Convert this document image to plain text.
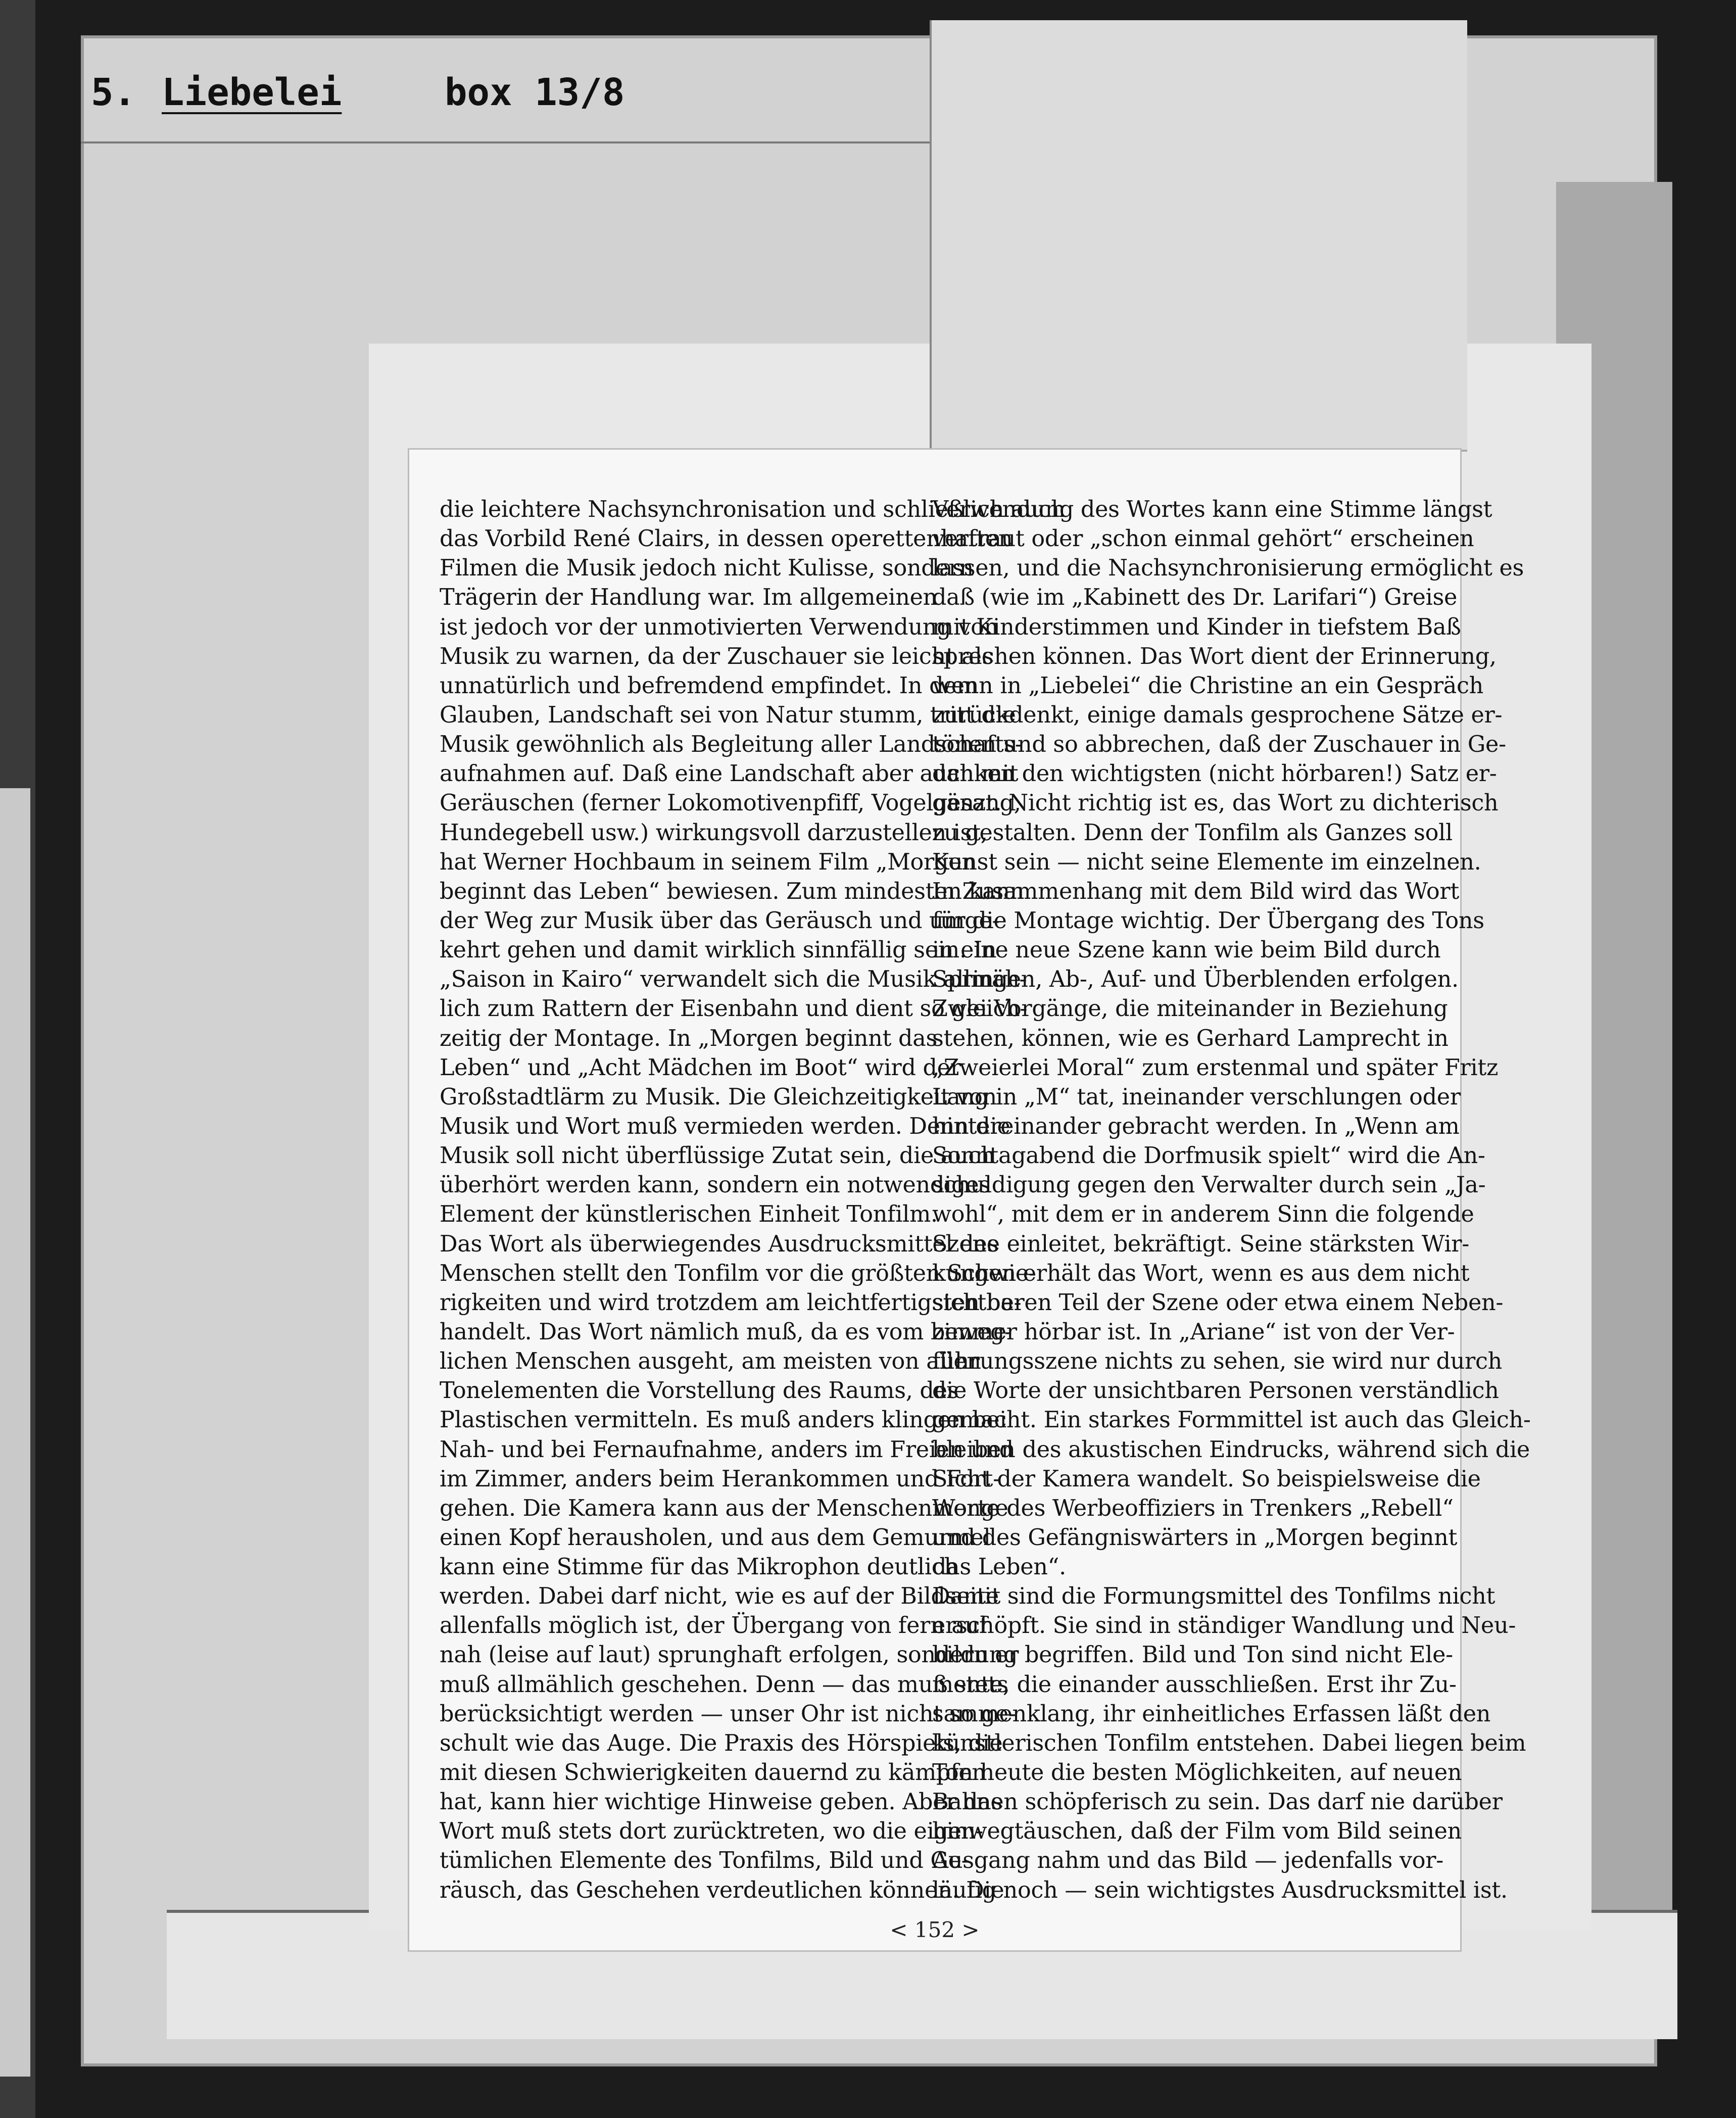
5. Liebelei	box 13/8
die leichtere Nachsynchronisation und schließlich auch
das Vorbild René Clairs, in dessen operettenhaften
Filmen die Musik jedoch nicht Kulisse, sondern
Trägerin der Handlung war. Im allgemeinen
ist jedoch vor der unmotivierten Verwendung von
Musik zu warnen, da der Zuschauer sie leicht als
unnatürlich und befremdend empfindet. In dem
Glauben, Landschaft sei von Natur stumm, tritt die
Musik gewöhnlich als Begleitung aller Landschafts-
aufnahmen auf. Daß eine Landschaft aber auch mit
Geräuschen (ferner Lokomotivenpfiff, Vogelgesang,
Hundegebell usw.) wirkungsvoll darzustellen ist,
hat Werner Hochbaum in seinem Film „Morgen
beginnt das Leben“ bewiesen. Zum mindesten kann
der Weg zur Musik über das Geräusch und umge-
kehrt gehen und damit wirklich sinnfällig sein. In
„Saison in Kairo“ verwandelt sich die Musik allmäh-
lich zum Rattern der Eisenbahn und dient so gleich-
zeitig der Montage. In „Morgen beginnt das
Leben“ und „Acht Mädchen im Boot“ wird der
Großstadtlärm zu Musik. Die Gleichzeitigkeit von
Musik und Wort muß vermieden werden. Denn die
Musik soll nicht überflüssige Zutat sein, die auch
überhört werden kann, sondern ein notwendiges
Element der künstlerischen Einheit Tonfilm.
Das Wort als überwiegendes Ausdrucksmittel des
Menschen stellt den Tonfilm vor die größten Schwie-
rigkeiten und wird trotzdem am leichtfertigsten be-
handelt. Das Wort nämlich muß, da es vom beweg-
lichen Menschen ausgeht, am meisten von allen
Tonelementen die Vorstellung des Raums, des
Plastischen vermitteln. Es muß anders klingen bei
Nah- und bei Fernaufnahme, anders im Freien und
im Zimmer, anders beim Herankommen und Fort-
gehen. Die Kamera kann aus der Menschenmenge
einen Kopf herausholen, und aus dem Gemurmel
kann eine Stimme für das Mikrophon deutlich
werden. Dabei darf nicht, wie es auf der Bildseite
allenfalls möglich ist, der Übergang von fern auf
nah (leise auf laut) sprunghaft erfolgen, sondern er
muß allmählich geschehen. Denn — das muß stets
berücksichtigt werden — unser Ohr ist nicht so ge-
schult wie das Auge. Die Praxis des Hörspiels, die
mit diesen Schwierigkeiten dauernd zu kämpfen
hat, kann hier wichtige Hinweise geben. Aber das
Wort muß stets dort zurücktreten, wo die eigen-
tümlichen Elemente des Tonfilms, Bild und Ge-
räusch, das Geschehen verdeutlichen können. Die
Verwendung des Wortes kann eine Stimme längst
vertraut oder „schon einmal gehört“ erscheinen
lassen, und die Nachsynchronisierung ermöglicht es
daß (wie im „Kabinett des Dr. Larifari“) Greise
mit Kinderstimmen und Kinder in tiefstem Baß
sprechen können. Das Wort dient der Erinnerung,
wenn in „Liebelei“ die Christine an ein Gespräch
zurückdenkt, einige damals gesprochene Sätze er-
tönen und so abbrechen, daß der Zuschauer in Ge-
danken den wichtigsten (nicht hörbaren!) Satz er-
gänzt. Nicht richtig ist es, das Wort zu dichterisch
zu gestalten. Denn der Tonfilm als Ganzes soll
Kunst sein — nicht seine Elemente im einzelnen.
In Zusammenhang mit dem Bild wird das Wort
für die Montage wichtig. Der Übergang des Tons
in eine neue Szene kann wie beim Bild durch
Springen, Ab-, Auf- und Überblenden erfolgen.
Zwei Vorgänge, die miteinander in Beziehung
stehen, können, wie es Gerhard Lamprecht in
„Zweierlei Moral“ zum erstenmal und später Fritz
Lang in „M“ tat, ineinander verschlungen oder
hintereinander gebracht werden. In „Wenn am
Sonntagabend die Dorfmusik spielt“ wird die An-
schuldigung gegen den Verwalter durch sein „Ja-
wohl“, mit dem er in anderem Sinn die folgende
Szene einleitet, bekräftigt. Seine stärksten Wir-
kungen erhält das Wort, wenn es aus dem nicht
sichtbaren Teil der Szene oder etwa einem Neben-
zimmer hörbar ist. In „Ariane“ ist von der Ver-
führungsszene nichts zu sehen, sie wird nur durch
die Worte der unsichtbaren Personen verständlich
gemacht. Ein starkes Formmittel ist auch das Gleich-
bleiben des akustischen Eindrucks, während sich die
Sicht der Kamera wandelt. So beispielsweise die
Worte des Werbeoffiziers in Trenkers „Rebell“
und des Gefängniswärters in „Morgen beginnt
das Leben“.
Damit sind die Formungsmittel des Tonfilms nicht
erschöpft. Sie sind in ständiger Wandlung und Neu-
bildung begriffen. Bild und Ton sind nicht Ele-
mente, die einander ausschließen. Erst ihr Zu-
sammenklang, ihr einheitliches Erfassen läßt den
künstlerischen Tonfilm entstehen. Dabei liegen beim
Ton heute die besten Möglichkeiten, auf neuen
Bahnen schöpferisch zu sein. Das darf nie darüber
hinwegtäuschen, daß der Film vom Bild seinen
Ausgang nahm und das Bild — jedenfalls vor-
läufig noch — sein wichtigstes Ausdrucksmittel ist.
< 152 >
